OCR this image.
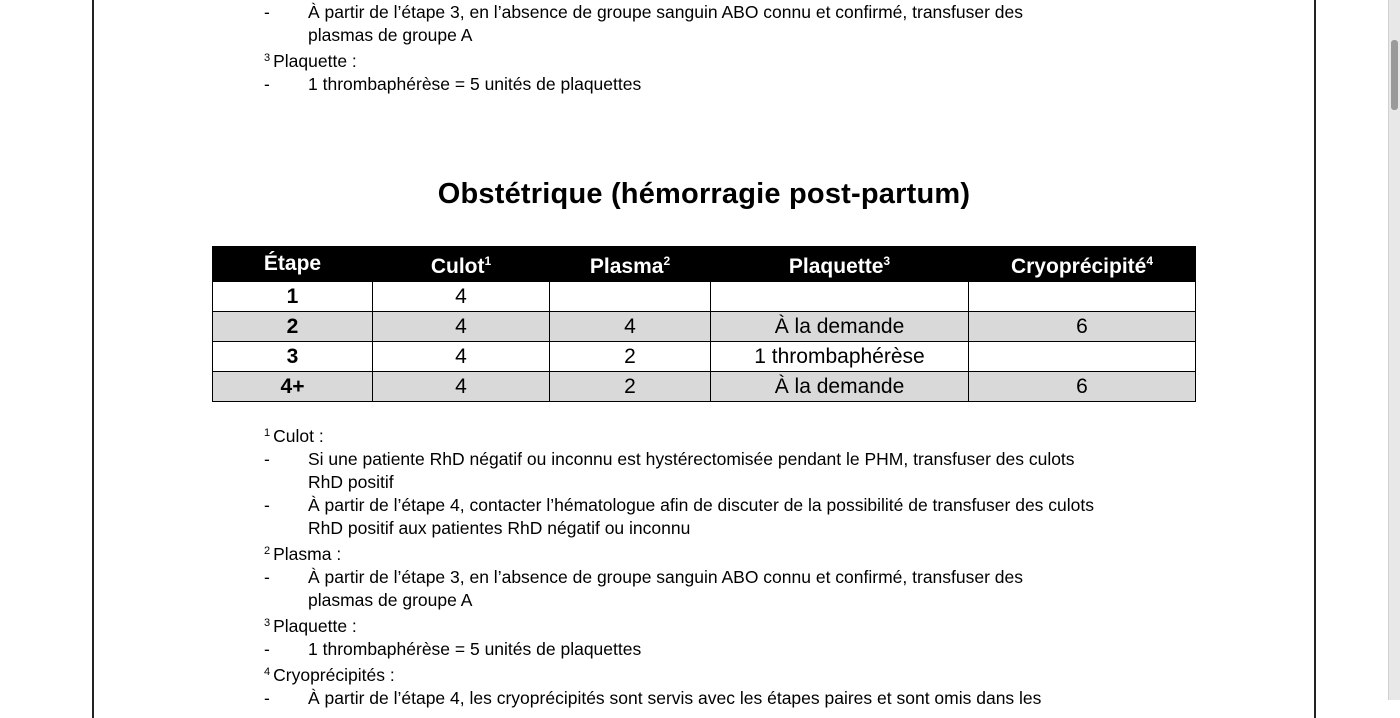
- À partir de l’étape 3, en l’absence de groupe sanguin ABO connu et confirmé, transfuser des
plasmas de groupe A
$^3$ Plaquette :
- 1 thrombaphérèse = 5 unités de plaquettes
Obstétrique (hémorragie post-partum)
Étape	Culot$^1$	Plasma$^2$	Plaquette$^3$	Cryoprécipité$^4$
1	4			
2	4	4	À la demande	6
3	4	2	1 thrombaphérèse	
4+	4	2	À la demande	6
$^1$ Culot :
- Si une patiente RhD négatif ou inconnu est hystérectomisée pendant le PHM, transfuser des culots
RhD positif
- À partir de l’étape 4, contacter l’hématologue afin de discuter de la possibilité de transfuser des culots
RhD positif aux patientes RhD négatif ou inconnu
$^2$ Plasma :
- À partir de l’étape 3, en l’absence de groupe sanguin ABO connu et confirmé, transfuser des
plasmas de groupe A
$^3$ Plaquette :
- 1 thrombaphérèse = 5 unités de plaquettes
$^4$ Cryoprécipités :
- À partir de l’étape 4, les cryoprécipités sont servis avec les étapes paires et sont omis dans les
